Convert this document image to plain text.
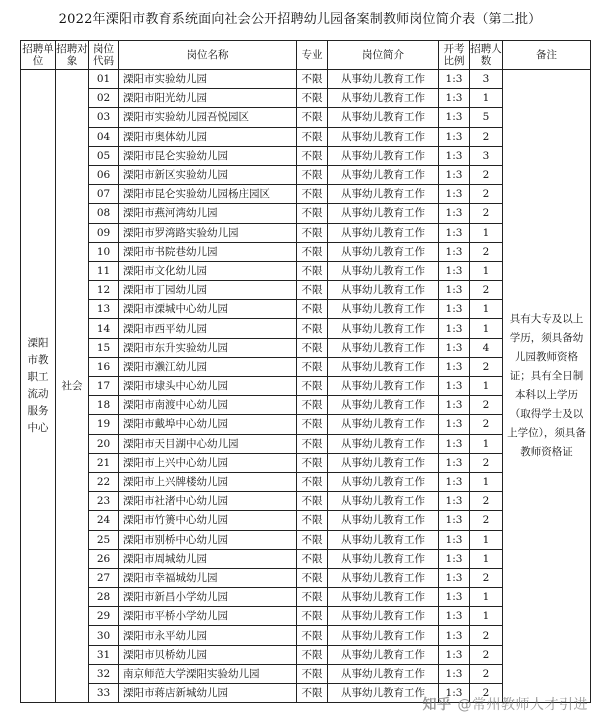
2022年溧阳市教育系统面向社会公开招聘幼儿园备案制教师岗位简介表（第二批）
招聘单位	招聘对象	岗位代码	岗位名称	专业	岗位简介	开考比例	招聘人数	备注
溧阳市教职工流动服务中心	社会	01	溧阳市实验幼儿园	不限	从事幼儿教育工作	1:3	3	具有大专及以上学历，须具备幼儿园教师资格证；具有全日制本科以上学历（取得学士及以上学位），须具备教师资格证
		02	溧阳市阳光幼儿园	不限	从事幼儿教育工作	1:3	1	
		03	溧阳市实验幼儿园吾悦园区	不限	从事幼儿教育工作	1:3	5	
		04	溧阳市奥体幼儿园	不限	从事幼儿教育工作	1:3	2	
		05	溧阳市昆仑实验幼儿园	不限	从事幼儿教育工作	1:3	3	
		06	溧阳市新区实验幼儿园	不限	从事幼儿教育工作	1:3	2	
		07	溧阳市昆仑实验幼儿园杨庄园区	不限	从事幼儿教育工作	1:3	2	
		08	溧阳市燕河湾幼儿园	不限	从事幼儿教育工作	1:3	2	
		09	溧阳市罗湾路实验幼儿园	不限	从事幼儿教育工作	1:3	1	
		10	溧阳市书院巷幼儿园	不限	从事幼儿教育工作	1:3	2	
		11	溧阳市文化幼儿园	不限	从事幼儿教育工作	1:3	1	
		12	溧阳市丁园幼儿园	不限	从事幼儿教育工作	1:3	2	
		13	溧阳市溧城中心幼儿园	不限	从事幼儿教育工作	1:3	1	
		14	溧阳市西平幼儿园	不限	从事幼儿教育工作	1:3	1	
		15	溧阳市东升实验幼儿园	不限	从事幼儿教育工作	1:3	4	
		16	溧阳市濑江幼儿园	不限	从事幼儿教育工作	1:3	2	
		17	溧阳市埭头中心幼儿园	不限	从事幼儿教育工作	1:3	1	
		18	溧阳市南渡中心幼儿园	不限	从事幼儿教育工作	1:3	2	
		19	溧阳市戴埠中心幼儿园	不限	从事幼儿教育工作	1:3	2	
		20	溧阳市天目湖中心幼儿园	不限	从事幼儿教育工作	1:3	1	
		21	溧阳市上兴中心幼儿园	不限	从事幼儿教育工作	1:3	2	
		22	溧阳市上兴牌楼幼儿园	不限	从事幼儿教育工作	1:3	1	
		23	溧阳市社渚中心幼儿园	不限	从事幼儿教育工作	1:3	2	
		24	溧阳市竹箦中心幼儿园	不限	从事幼儿教育工作	1:3	2	
		25	溧阳市别桥中心幼儿园	不限	从事幼儿教育工作	1:3	1	
		26	溧阳市周城幼儿园	不限	从事幼儿教育工作	1:3	1	
		27	溧阳市幸福城幼儿园	不限	从事幼儿教育工作	1:3	2	
		28	溧阳市新昌小学幼儿园	不限	从事幼儿教育工作	1:3	1	
		29	溧阳市平桥小学幼儿园	不限	从事幼儿教育工作	1:3	1	
		30	溧阳市永平幼儿园	不限	从事幼儿教育工作	1:3	2	
		31	溧阳市贝桥幼儿园	不限	从事幼儿教育工作	1:3	2	
		32	南京师范大学溧阳实验幼儿园	不限	从事幼儿教育工作	1:3	2	
		33	溧阳市蒋店新城幼儿园	不限	从事幼儿教育工作	1:3	2	
知乎 @常州教师人才引进
